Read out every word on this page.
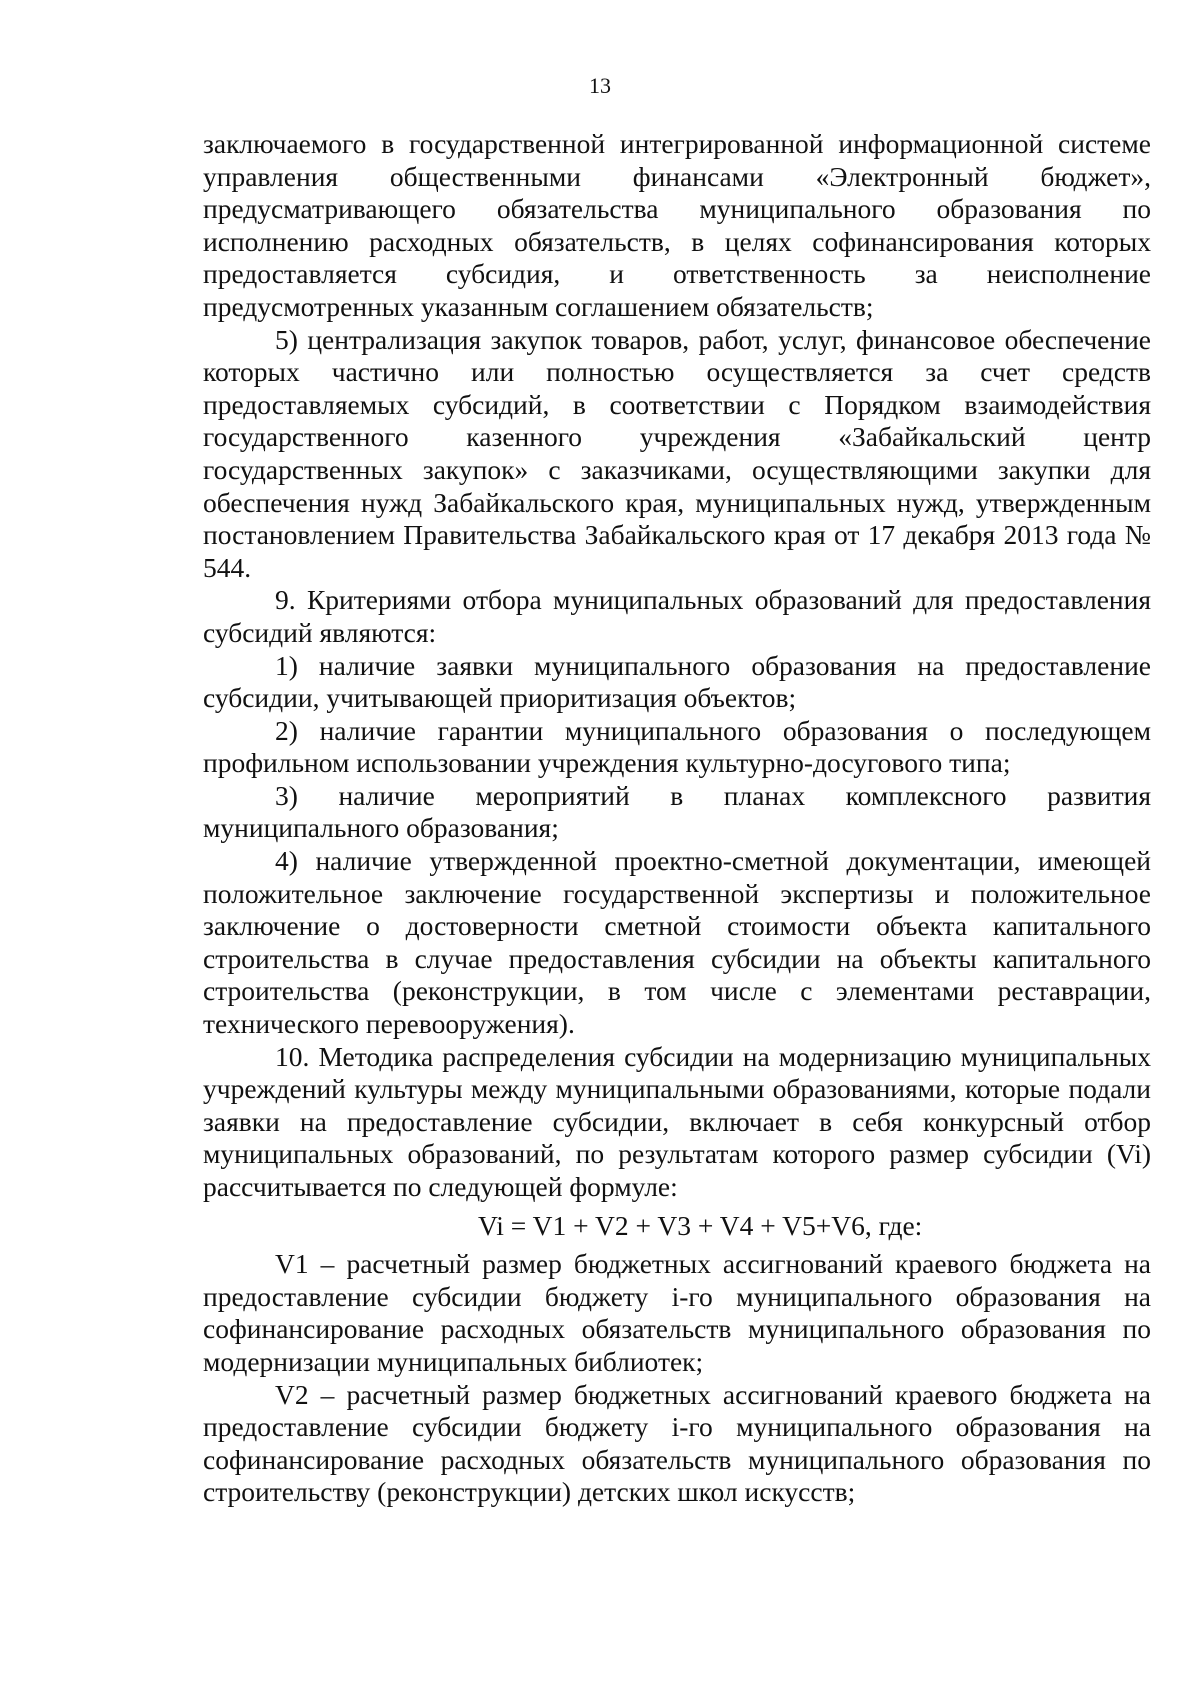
13

заключаемого в государственной интегрированной информационной системе управления общественными финансами «Электронный бюджет», предусматривающего обязательства муниципального образования по исполнению расходных обязательств, в целях софинансирования которых предоставляется субсидия, и ответственность за неисполнение предусмотренных указанным соглашением обязательств;

5) централизация закупок товаров, работ, услуг, финансовое обеспечение которых частично или полностью осуществляется за счет средств предоставляемых субсидий, в соответствии с Порядком взаимодействия государственного казенного учреждения «Забайкальский центр государственных закупок» с заказчиками, осуществляющими закупки для обеспечения нужд Забайкальского края, муниципальных нужд, утвержденным постановлением Правительства Забайкальского края от 17 декабря 2013 года № 544.

9. Критериями отбора муниципальных образований для предоставления субсидий являются:

1) наличие заявки муниципального образования на предоставление субсидии, учитывающей приоритизация объектов;

2) наличие гарантии муниципального образования о последующем профильном использовании учреждения культурно-досугового типа;

3) наличие мероприятий в планах комплексного развития муниципального образования;

4) наличие утвержденной проектно-сметной документации, имеющей положительное заключение государственной экспертизы и положительное заключение о достоверности сметной стоимости объекта капитального строительства в случае предоставления субсидии на объекты капитального строительства (реконструкции, в том числе с элементами реставрации, технического перевооружения).

10. Методика распределения субсидии на модернизацию муниципальных учреждений культуры между муниципальными образованиями, которые подали заявки на предоставление субсидии, включает в себя конкурсный отбор муниципальных образований, по результатам которого размер субсидии (Vi) рассчитывается по следующей формуле:

Vi = V1 + V2 + V3 + V4 + V5+V6, где:

V1 – расчетный размер бюджетных ассигнований краевого бюджета на предоставление субсидии бюджету i-го муниципального образования на софинансирование расходных обязательств муниципального образования по модернизации муниципальных библиотек;

V2 – расчетный размер бюджетных ассигнований краевого бюджета на предоставление субсидии бюджету i-го муниципального образования на софинансирование расходных обязательств муниципального образования по строительству (реконструкции) детских школ искусств;
